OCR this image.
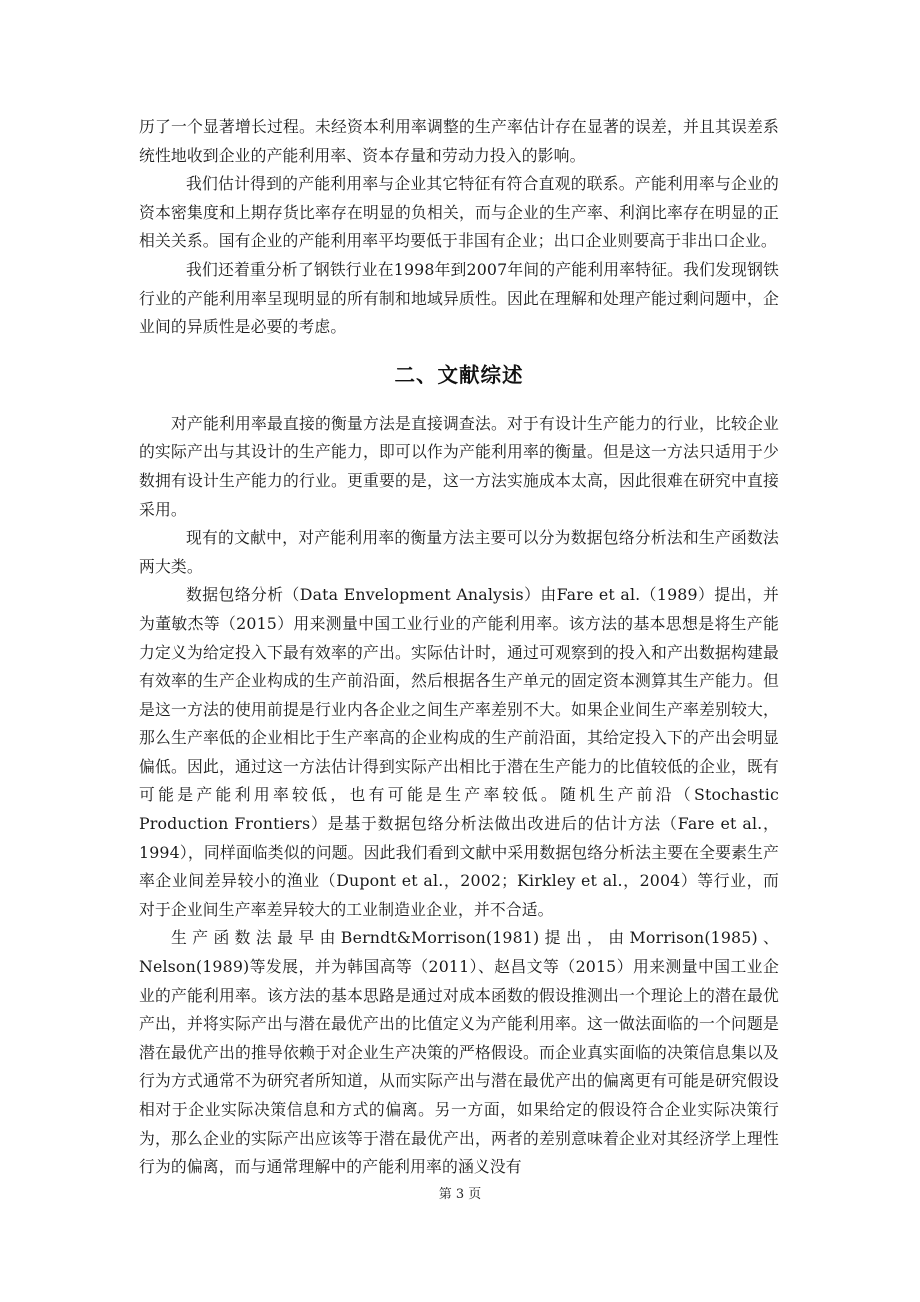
历了一个显著增长过程。未经资本利用率调整的生产率估计存在显著的误差，并且其误差系统性地收到企业的产能利用率、资本存量和劳动力投入的影响。

我们估计得到的产能利用率与企业其它特征有符合直观的联系。产能利用率与企业的资本密集度和上期存货比率存在明显的负相关，而与企业的生产率、利润比率存在明显的正相关关系。国有企业的产能利用率平均要低于非国有企业；出口企业则要高于非出口企业。

我们还着重分析了钢铁行业在1998年到2007年间的产能利用率特征。我们发现钢铁行业的产能利用率呈现明显的所有制和地域异质性。因此在理解和处理产能过剩问题中，企业间的异质性是必要的考虑。

二、文献综述

对产能利用率最直接的衡量方法是直接调查法。对于有设计生产能力的行业，比较企业的实际产出与其设计的生产能力，即可以作为产能利用率的衡量。但是这一方法只适用于少数拥有设计生产能力的行业。更重要的是，这一方法实施成本太高，因此很难在研究中直接采用。

现有的文献中，对产能利用率的衡量方法主要可以分为数据包络分析法和生产函数法两大类。

数据包络分析（Data Envelopment Analysis）由Fare et al.（1989）提出，并为董敏杰等（2015）用来测量中国工业行业的产能利用率。该方法的基本思想是将生产能力定义为给定投入下最有效率的产出。实际估计时，通过可观察到的投入和产出数据构建最有效率的生产企业构成的生产前沿面，然后根据各生产单元的固定资本测算其生产能力。但是这一方法的使用前提是行业内各企业之间生产率差别不大。如果企业间生产率差别较大，那么生产率低的企业相比于生产率高的企业构成的生产前沿面，其给定投入下的产出会明显偏低。因此，通过这一方法估计得到实际产出相比于潜在生产能力的比值较低的企业，既有可能是产能利用率较低，也有可能是生产率较低。随机生产前沿（Stochastic Production Frontiers）是基于数据包络分析法做出改进后的估计方法（Fare et al.，1994），同样面临类似的问题。因此我们看到文献中采用数据包络分析法主要在全要素生产率企业间差异较小的渔业（Dupont et al.，2002；Kirkley et al.，2004）等行业，而对于企业间生产率差异较大的工业制造业企业，并不合适。

生产函数法最早由Berndt&Morrison(1981)提出，由Morrison(1985)、Nelson(1989)等发展，并为韩国高等（2011）、赵昌文等（2015）用来测量中国工业企业的产能利用率。该方法的基本思路是通过对成本函数的假设推测出一个理论上的潜在最优产出，并将实际产出与潜在最优产出的比值定义为产能利用率。这一做法面临的一个问题是潜在最优产出的推导依赖于对企业生产决策的严格假设。而企业真实面临的决策信息集以及行为方式通常不为研究者所知道，从而实际产出与潜在最优产出的偏离更有可能是研究假设相对于企业实际决策信息和方式的偏离。另一方面，如果给定的假设符合企业实际决策行为，那么企业的实际产出应该等于潜在最优产出，两者的差别意味着企业对其经济学上理性行为的偏离，而与通常理解中的产能利用率的涵义没有

第 3 页
